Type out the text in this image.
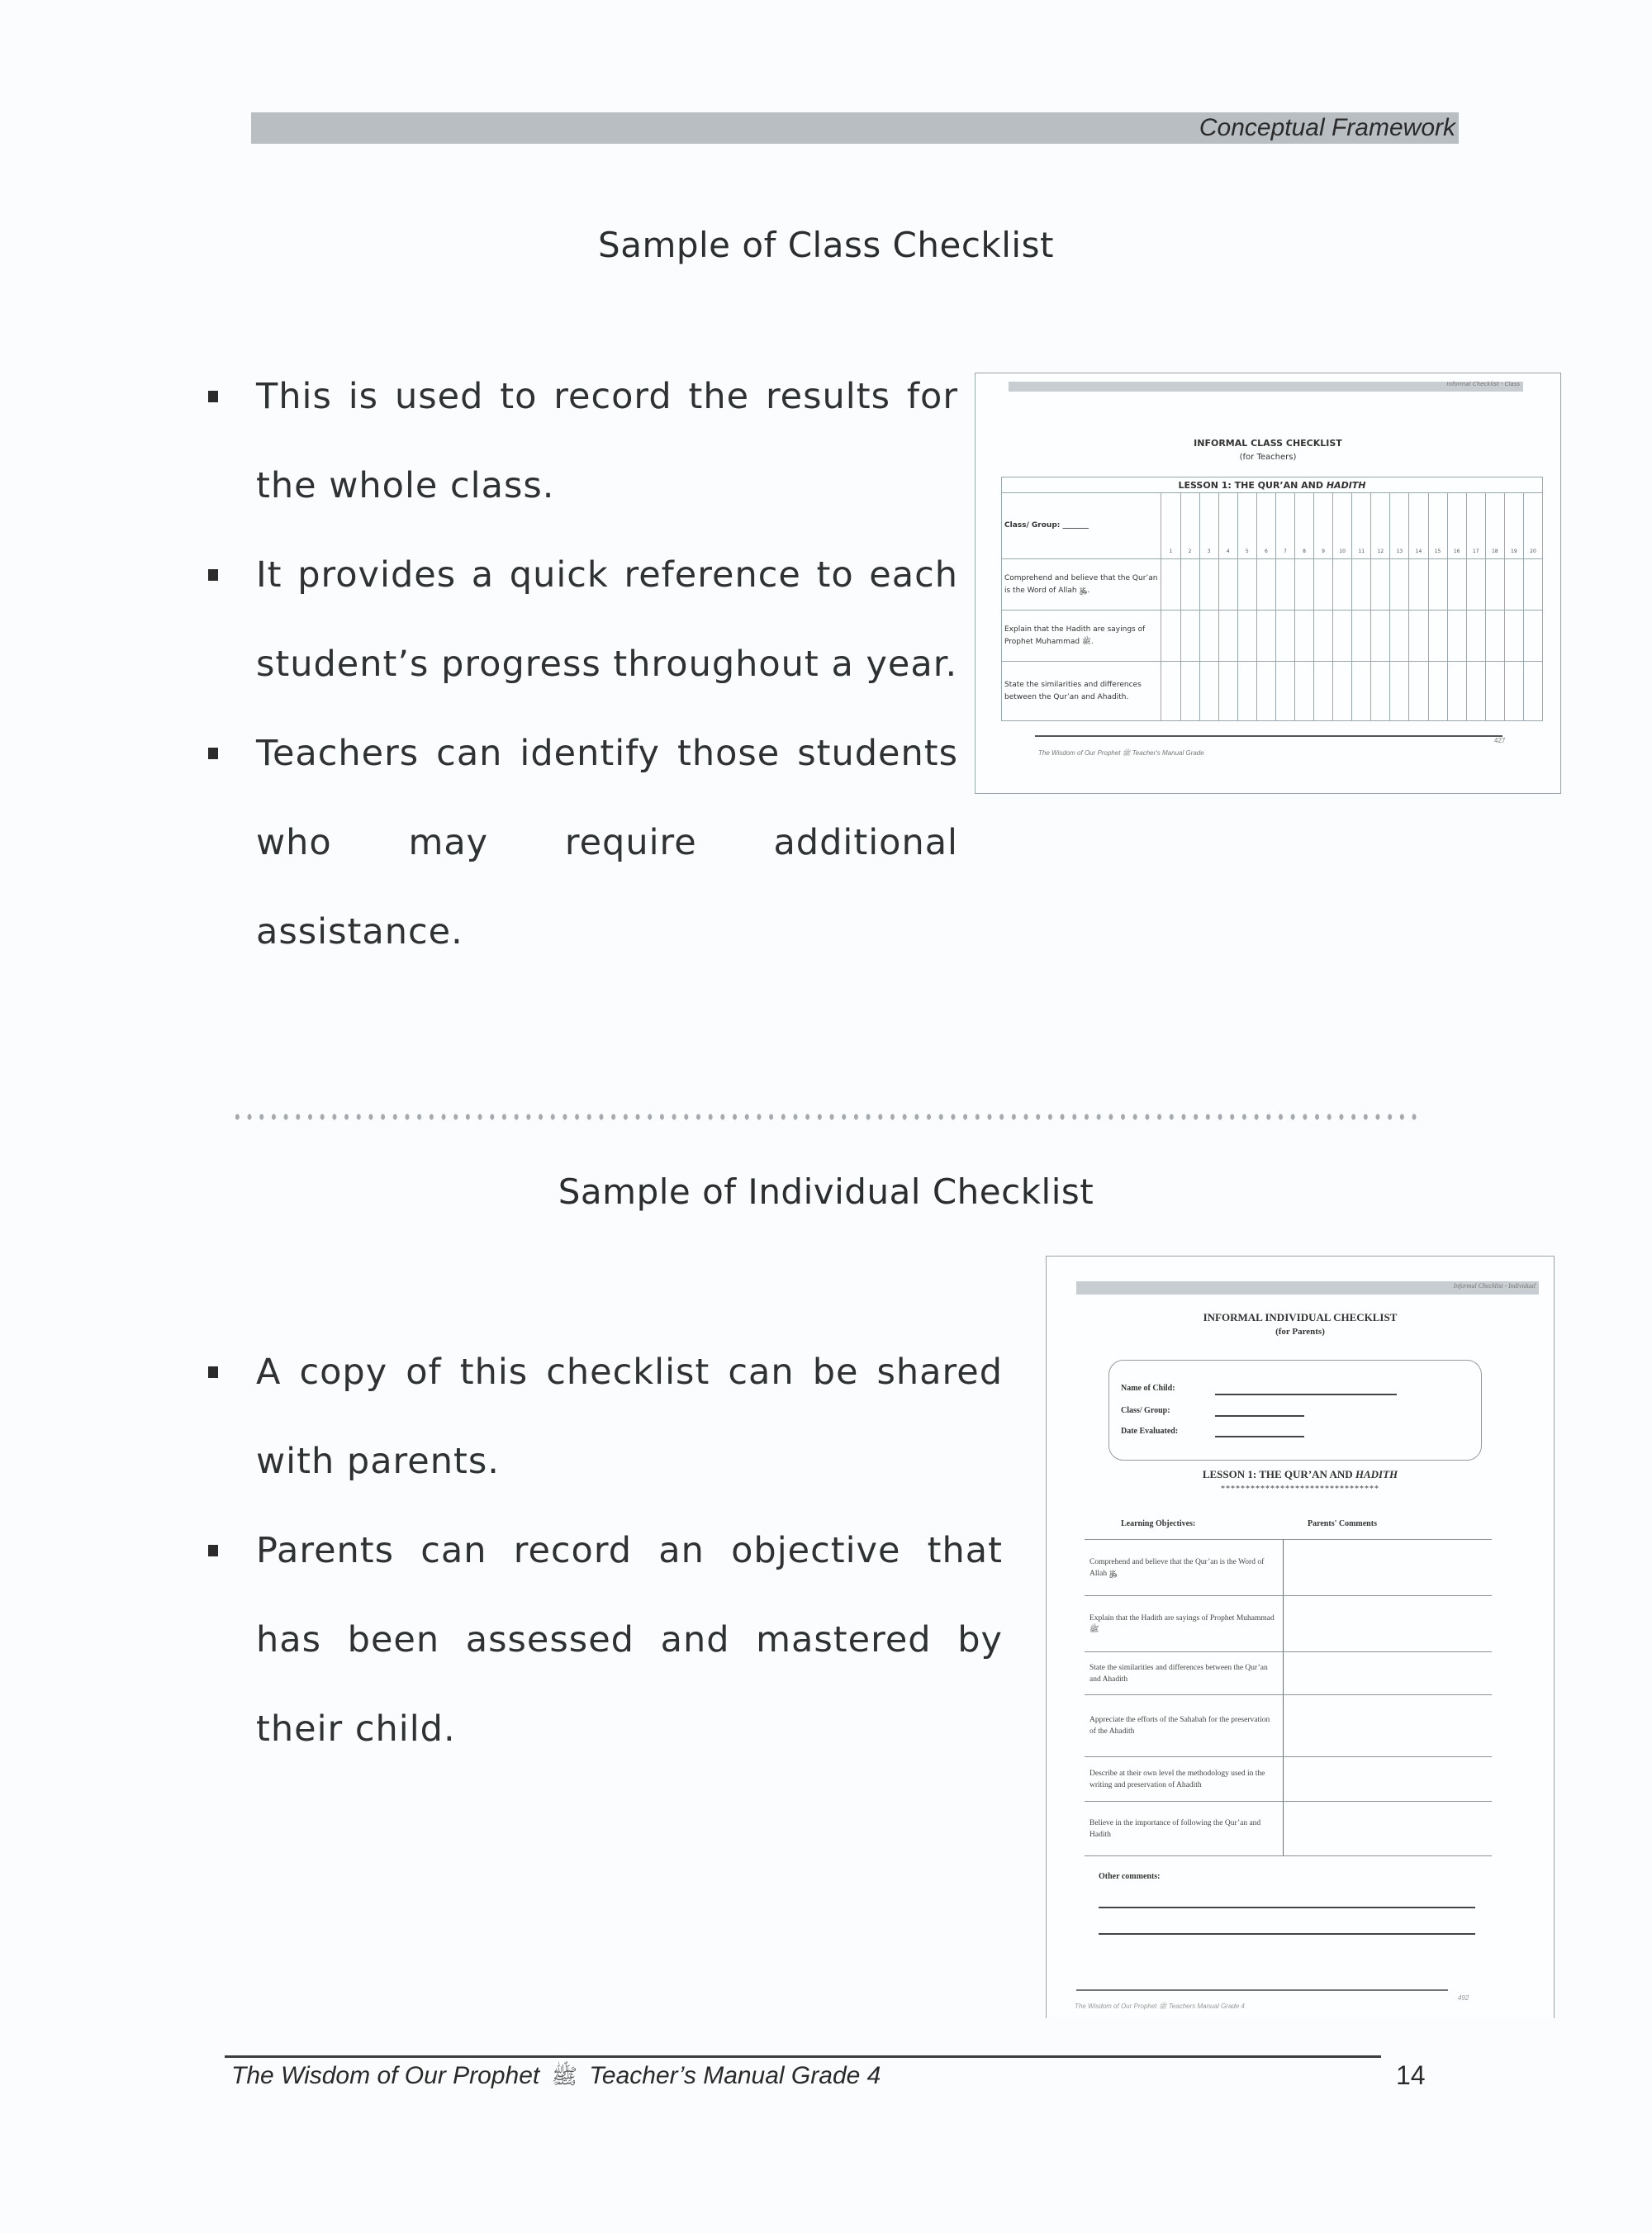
Conceptual Framework
Sample of Class Checklist
This is used to record the results for the whole class.
It provides a quick reference to each student’s progress throughout a year.
Teachers can identify those students who may require additional assistance.
Informal Checklist - Class
INFORMAL CLASS CHECKLIST
(for Teachers)
LESSON 1: THE QUR’AN AND HADITH																				
Class/ Group: _______	1	2	3	4	5	6	7	8	9	10	11	12	13	14	15	16	17	18	19	20
Comprehend and believe that the Qur’an is the Word of Allah ﷿.																				
Explain that the Hadith are sayings of Prophet Muhammad ﷺ.																				
State the similarities and differences between the Qur’an and Ahadith.																				
The Wisdom of Our Prophet ﷺ Teacher's Manual Grade
427
Sample of Individual Checklist
A copy of this checklist can be shared with parents.
Parents can record an objective that has been assessed and mastered by their child.
Informal Checklist - Individual
INFORMAL INDIVIDUAL CHECKLIST
(for Parents)
Name of Child:
Class/ Group:
Date Evaluated:
LESSON 1: THE QUR’AN AND HADITH
********************************
Learning Objectives:	Parents' Comments
Comprehend and believe that the Qur’an is the Word of Allah ﷿	
Explain that the Hadith are sayings of Prophet Muhammad ﷺ	
State the similarities and differences between the Qur’an and Ahadith	
Appreciate the efforts of the Sahabah for the preservation of the Ahadith	
Describe at their own level the methodology used in the writing and preservation of Ahadith	
Believe in the importance of following the Qur’an and Hadith	
Other comments:
The Wisdom of Our Prophet ﷺ Teachers Manual Grade 4
492
The Wisdom of Our Prophet ﷺ Teacher’s Manual Grade 4	14
